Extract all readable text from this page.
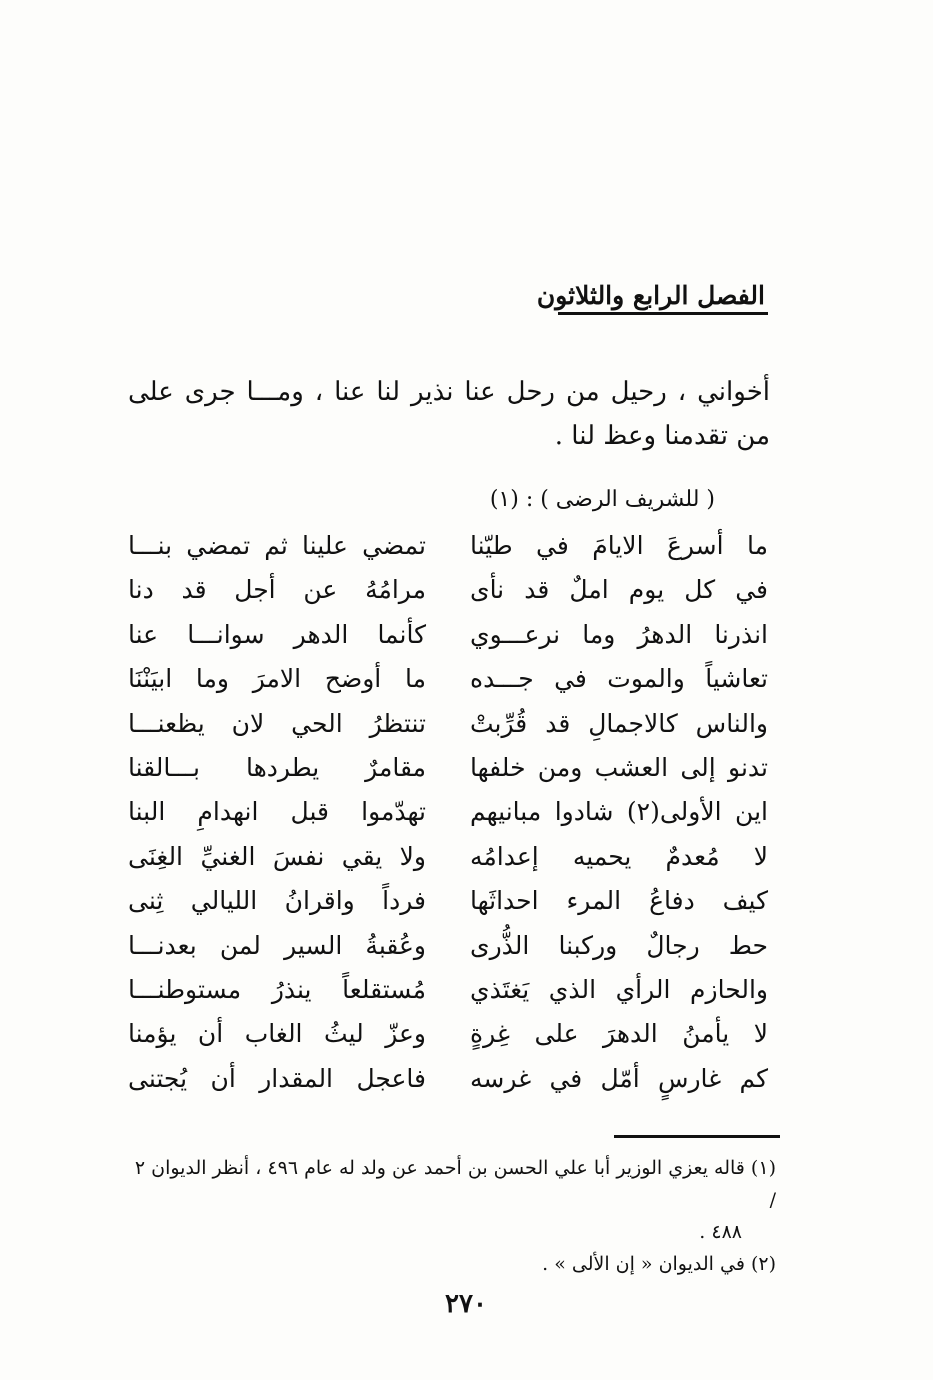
الفصل الرابع والثلاثون
أخواني ، رحيل من رحل عنا نذير لنا عنا ، ومـــا جرى على من تقدمنا وعظ لنا .
( للشريف الرضى ) : (١)
ما أسرعَ الايامَ في طيّنا
تمضي علينا ثم تمضي بنـــا
في كل يوم املٌ قد نأى
مرامُهُ عن أجل قد دنا
انذرنا الدهرُ وما نرعـــوي
كأنما الدهر سوانـــا عنا
تعاشياً والموت في جـــده
ما أوضح الامرَ وما ابيَنْنَا
والناس كالاجمالِ قد قُرِّبتْ
تنتظرُ الحي لان يظعنـــا
تدنو إلى العشب ومن خلفها
مقامرٌ يطردها بـــالقنا
اين الأولى(٢) شادوا مبانيهم
تهدّموا قبل انهدامِ البنا
لا مُعدمٌ يحميه إعدامُه
ولا يقي نفسَ الغنيِّ الغِنَى
كيف دفاعُ المرء احداثَها
فرداً واقرانُ الليالي ثِنى
حط رجالٌ وركبنا الذُّرى
وعُقبةُ السير لمن بعدنـــا
والحازم الرأي الذي يَغتَذي
مُستقلعاً ينذرُ مستوطنـــا
لا يأمنُ الدهرَ على غِرةٍ
وعزّ ليثُ الغاب أن يؤمنا
كم غارسٍ أمّل في غرسه
فاعجل المقدار أن يُجتنى

(١) قاله يعزي الوزير أبا علي الحسن بن أحمد عن ولد له عام ٤٩٦ ، أنظر الديوان ٢ /

٤٨٨ .

(٢) في الديوان « إن الألى » .

٢٧٠
